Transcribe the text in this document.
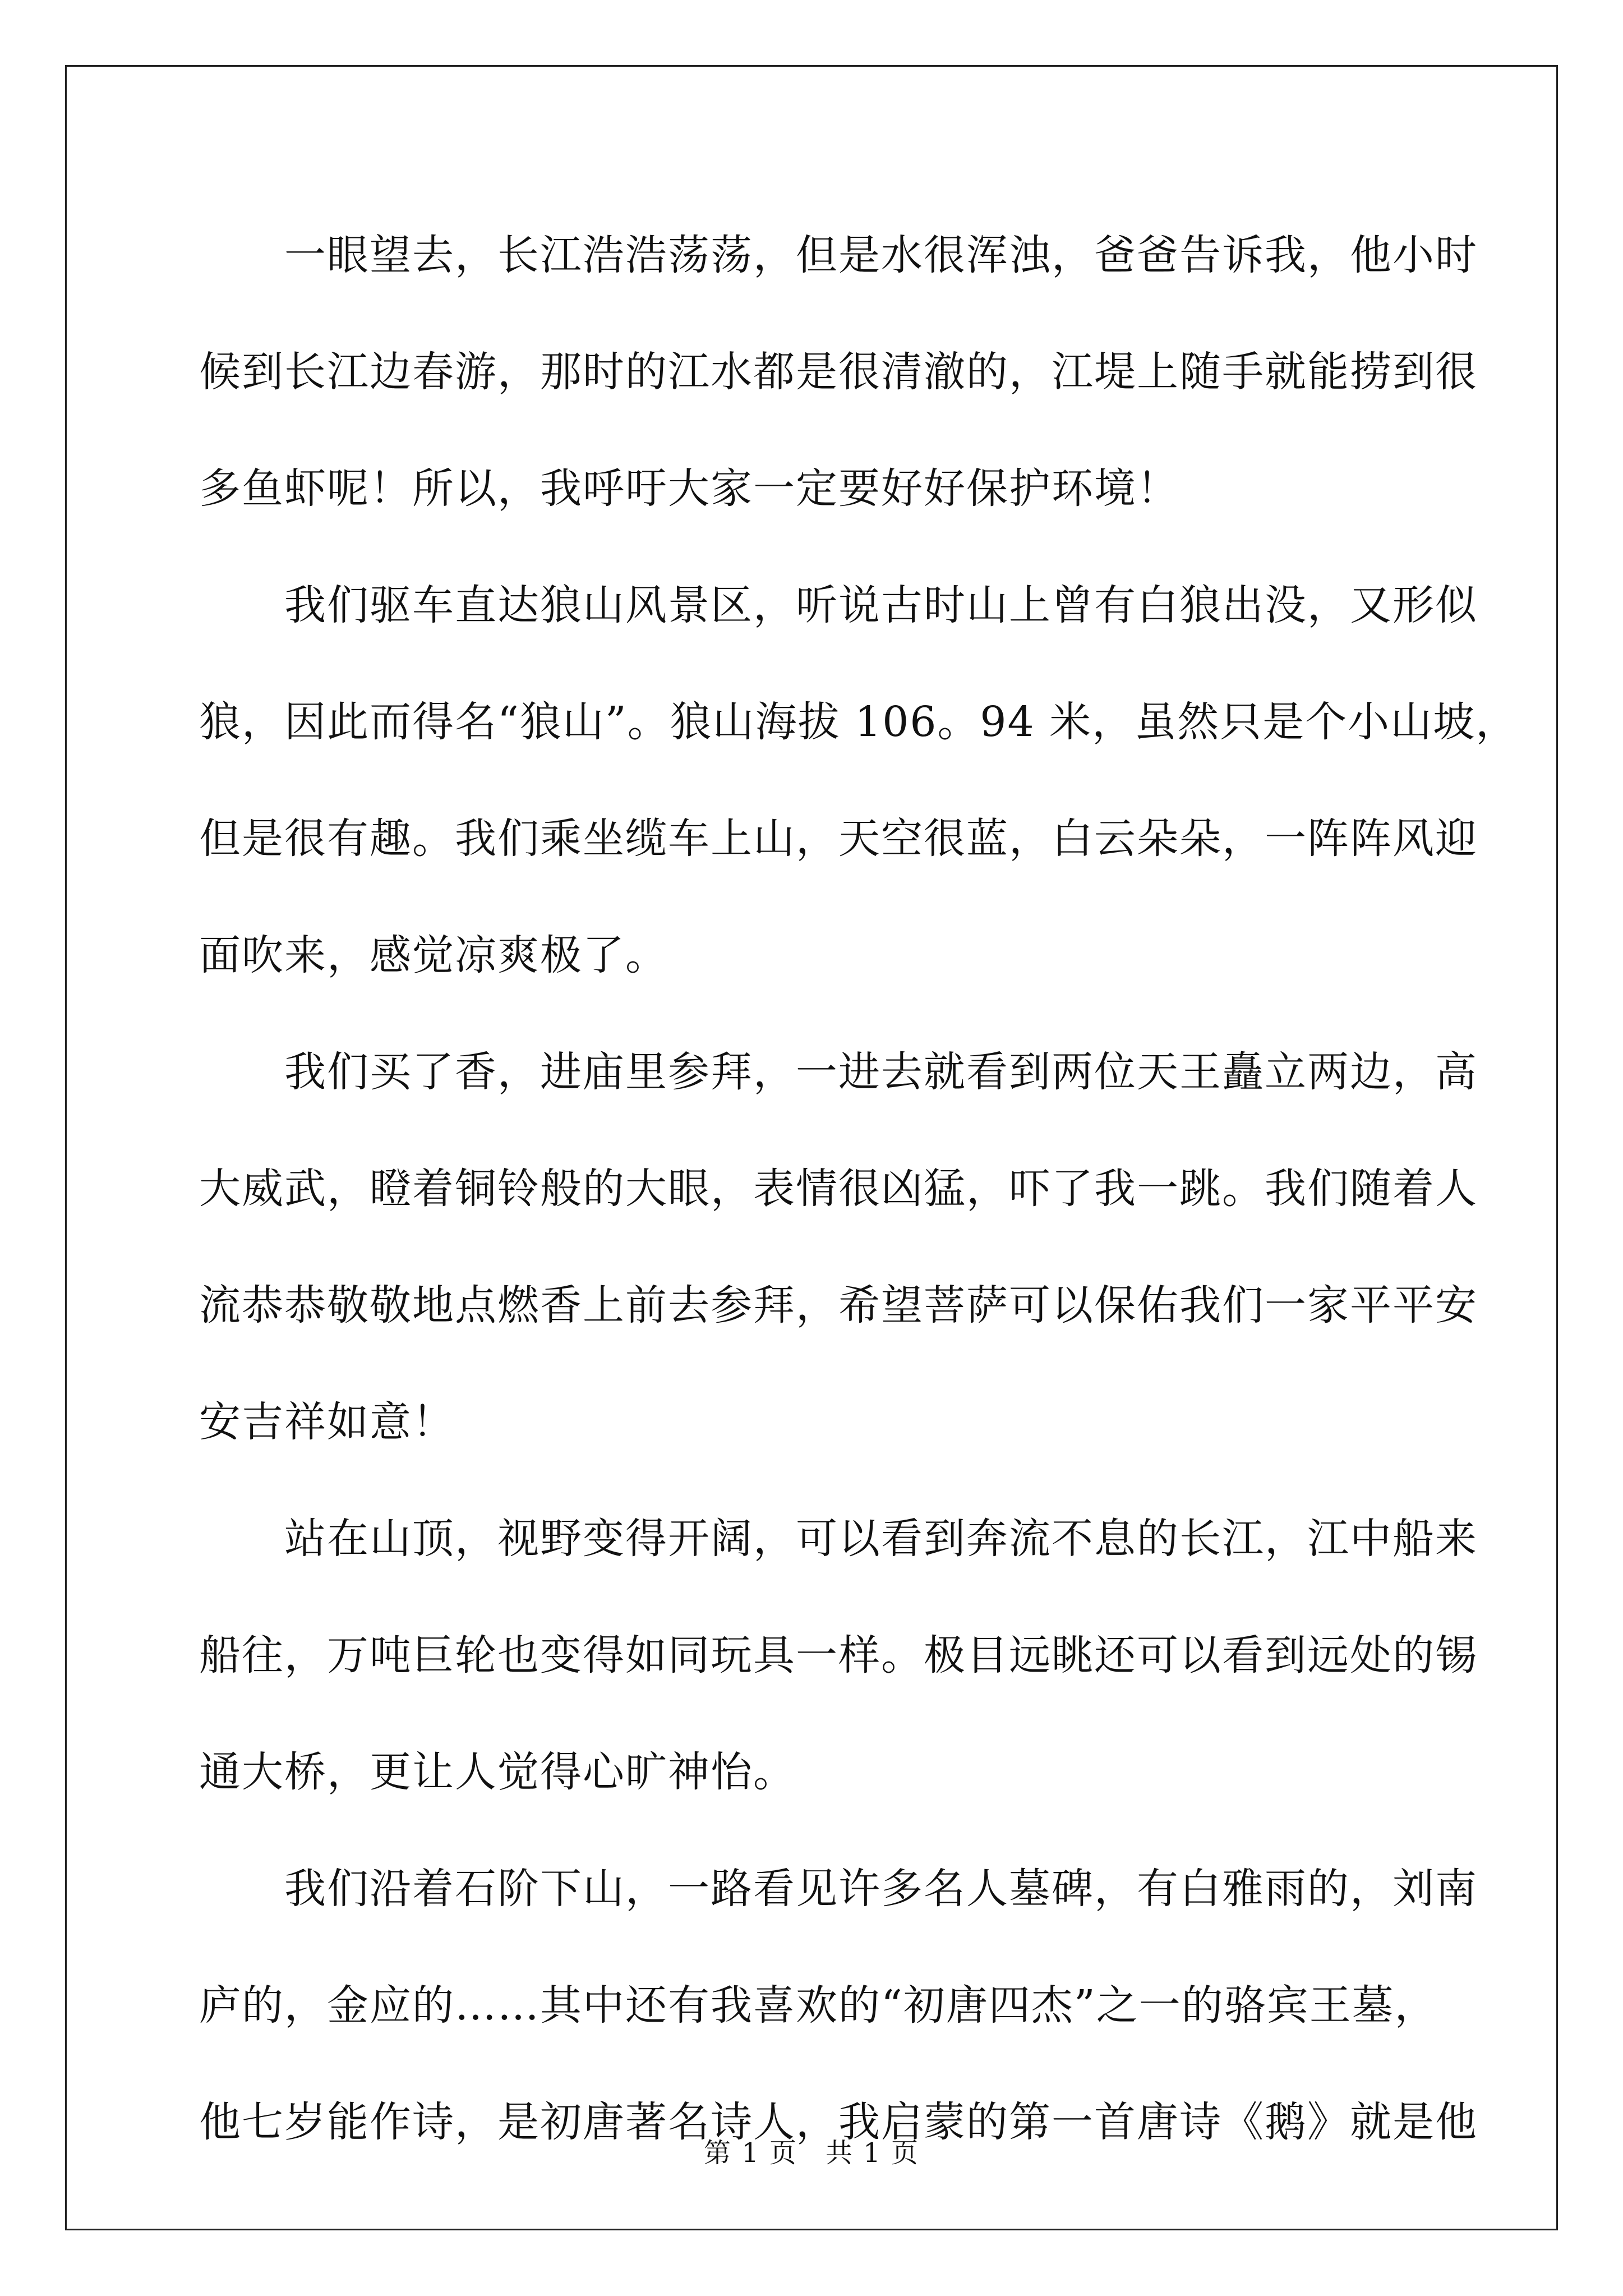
　　一眼望去，长江浩浩荡荡，但是水很浑浊，爸爸告诉我，他小时
候到长江边春游，那时的江水都是很清澈的，江堤上随手就能捞到很
多鱼虾呢！所以，我呼吁大家一定要好好保护环境！
　　我们驱车直达狼山风景区，听说古时山上曾有白狼出没，又形似
狼，因此而得名“狼山”。狼山海拔 106。94 米，虽然只是个小山坡，
但是很有趣。我们乘坐缆车上山，天空很蓝，白云朵朵，一阵阵风迎
面吹来，感觉凉爽极了。
　　我们买了香，进庙里参拜，一进去就看到两位天王矗立两边，高
大威武，瞪着铜铃般的大眼，表情很凶猛，吓了我一跳。我们随着人
流恭恭敬敬地点燃香上前去参拜，希望菩萨可以保佑我们一家平平安
安吉祥如意！
　　站在山顶，视野变得开阔，可以看到奔流不息的长江，江中船来
船往，万吨巨轮也变得如同玩具一样。极目远眺还可以看到远处的锡
通大桥，更让人觉得心旷神怡。
　　我们沿着石阶下山，一路看见许多名人墓碑，有白雅雨的，刘南
庐的，金应的……其中还有我喜欢的“初唐四杰”之一的骆宾王墓，
他七岁能作诗，是初唐著名诗人，我启蒙的第一首唐诗《鹅》就是他
第 1 页　共 1 页
